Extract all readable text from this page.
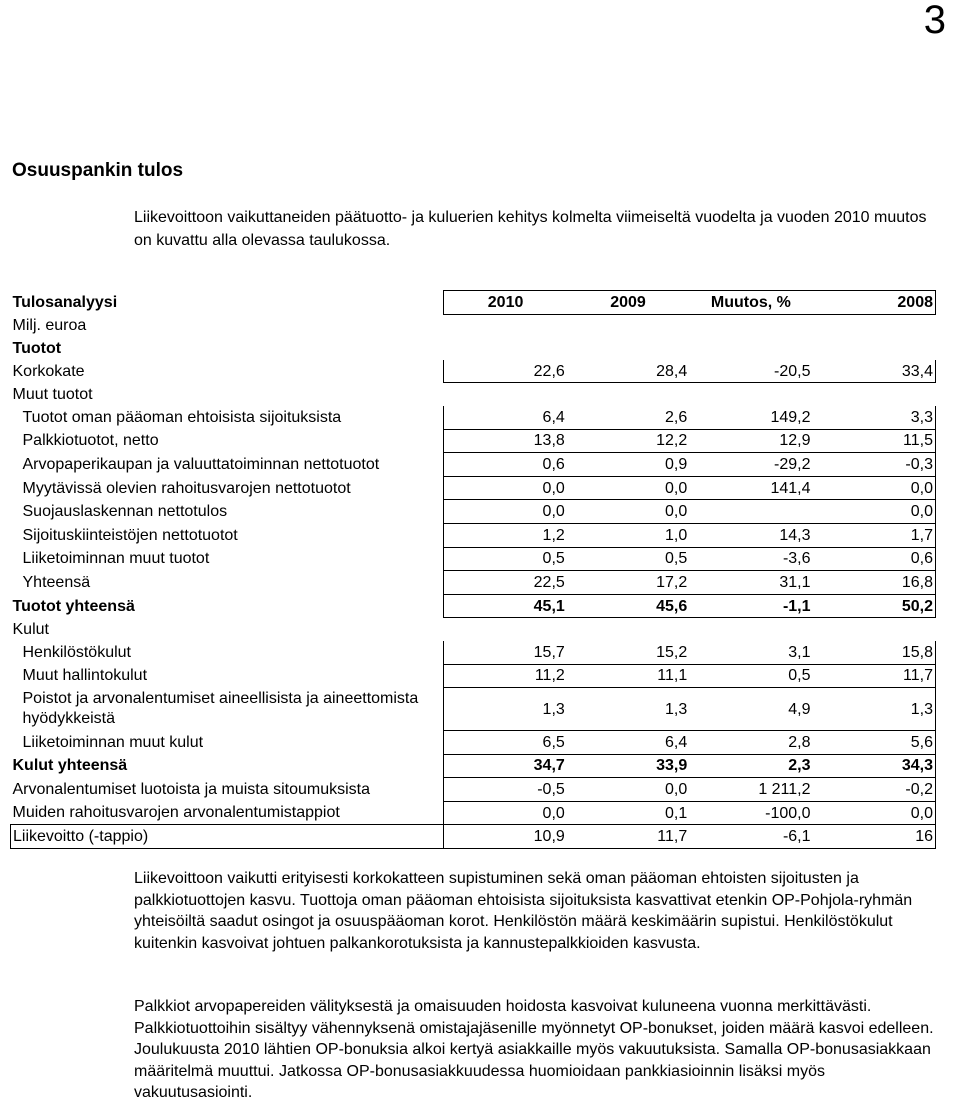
3
Osuuspankin tulos
Liikevoittoon vaikuttaneiden päätuotto- ja kuluerien kehitys kolmelta viimeiseltä vuodelta ja vuoden 2010 muutos on kuvattu alla olevassa taulukossa.
Tulosanalyysi	2010	2009	Muutos, %	2008
Milj. euroa				
Tuotot				
Korkokate	22,6	28,4	-20,5	33,4
Muut tuotot				
Tuotot oman pääoman ehtoisista sijoituksista	6,4	2,6	149,2	3,3
Palkkiotuotot, netto	13,8	12,2	12,9	11,5
Arvopaperikaupan ja valuuttatoiminnan nettotuotot	0,6	0,9	-29,2	-0,3
Myytävissä olevien rahoitusvarojen nettotuotot	0,0	0,0	141,4	0,0
Suojauslaskennan nettotulos	0,0	0,0		0,0
Sijoituskiinteistöjen nettotuotot	1,2	1,0	14,3	1,7
Liiketoiminnan muut tuotot	0,5	0,5	-3,6	0,6
Yhteensä	22,5	17,2	31,1	16,8
Tuotot yhteensä	45,1	45,6	-1,1	50,2
Kulut				
Henkilöstökulut	15,7	15,2	3,1	15,8
Muut hallintokulut	11,2	11,1	0,5	11,7
Poistot ja arvonalentumiset aineellisista ja aineettomista hyödykkeistä	1,3	1,3	4,9	1,3
Liiketoiminnan muut kulut	6,5	6,4	2,8	5,6
Kulut yhteensä	34,7	33,9	2,3	34,3
Arvonalentumiset luotoista ja muista sitoumuksista	-0,5	0,0	1 211,2	-0,2
Muiden rahoitusvarojen arvonalentumistappiot	0,0	0,1	-100,0	0,0
Liikevoitto (-tappio)	10,9	11,7	-6,1	16
Liikevoittoon vaikutti erityisesti korkokatteen supistuminen sekä oman pääoman ehtoisten sijoitusten ja palkkiotuottojen kasvu. Tuottoja oman pääoman ehtoisista sijoituksista kasvattivat etenkin OP-Pohjola-ryhmän yhteisöiltä saadut osingot ja osuuspääoman korot. Henkilöstön määrä keskimäärin supistui. Henkilöstökulut kuitenkin kasvoivat johtuen palkankorotuksista ja kannustepalkkioiden kasvusta.
Palkkiot arvopapereiden välityksestä ja omaisuuden hoidosta kasvoivat kuluneena vuonna merkittävästi. Palkkiotuottoihin sisältyy vähennyksenä omistajajäsenille myönnetyt OP-bonukset, joiden määrä kasvoi edelleen. Joulukuusta 2010 lähtien OP-bonuksia alkoi kertyä asiakkaille myös vakuutuksista. Samalla OP-bonusasiakkaan määritelmä muuttui. Jatkossa OP-bonusasiakkuudessa huomioidaan pankkiasioinnin lisäksi myös vakuutusasiointi.
